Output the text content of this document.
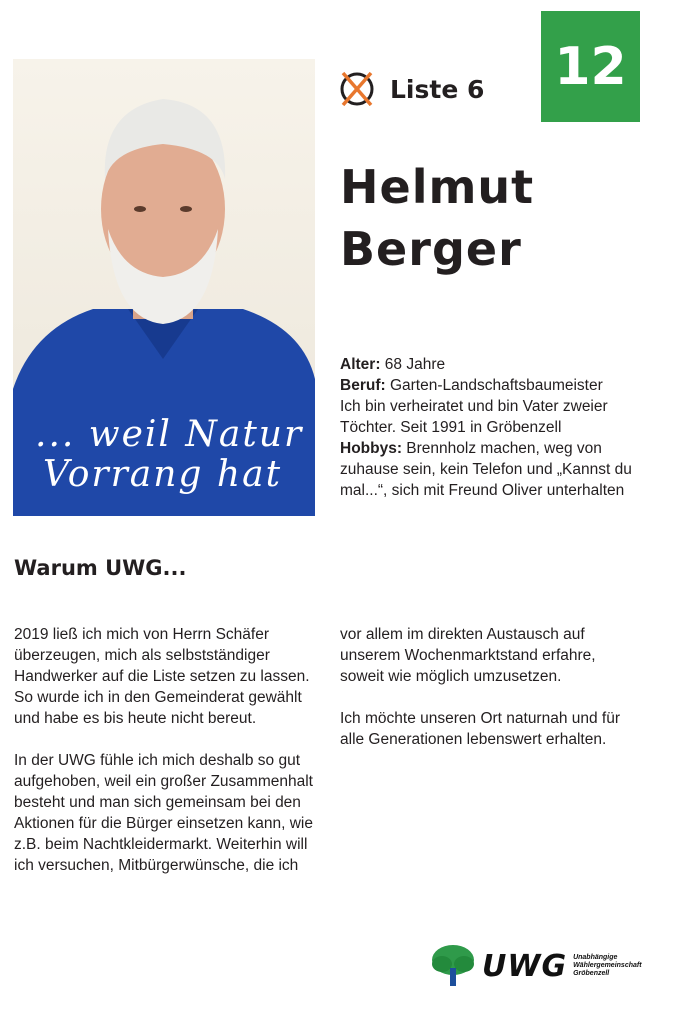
... weil Natur
Vorrang hat
Liste 6 12
Helmut
Berger
Alter: 68 Jahre
Beruf: Garten-Landschaftsbaumeister
Ich bin verheiratet und bin Vater zweier Töchter. Seit 1991 in Gröbenzell
Hobbys: Brennholz machen, weg von zuhause sein, kein Telefon und „Kannst du mal...“, sich mit Freund Oliver unterhalten
Warum UWG...

2019 ließ ich mich von Herrn Schäfer überzeugen, mich als selbstständiger Handwerker auf die Liste setzen zu lassen. So wurde ich in den Gemeinderat gewählt und habe es bis heute nicht bereut.

In der UWG fühle ich mich deshalb so gut aufgehoben, weil ein großer Zusammenhalt besteht und man sich gemeinsam bei den Aktionen für die Bürger einsetzen kann, wie z.B. beim Nachtkleidermarkt. Weiterhin will ich versuchen, Mitbürgerwünsche, die ich

vor allem im direkten Austausch auf unserem Wochenmarktstand erfahre, soweit wie möglich umzusetzen.

Ich möchte unseren Ort naturnah und für alle Generationen lebenswert erhalten.

UWG Unabhängige
Wählergemeinschaft
Gröbenzell
